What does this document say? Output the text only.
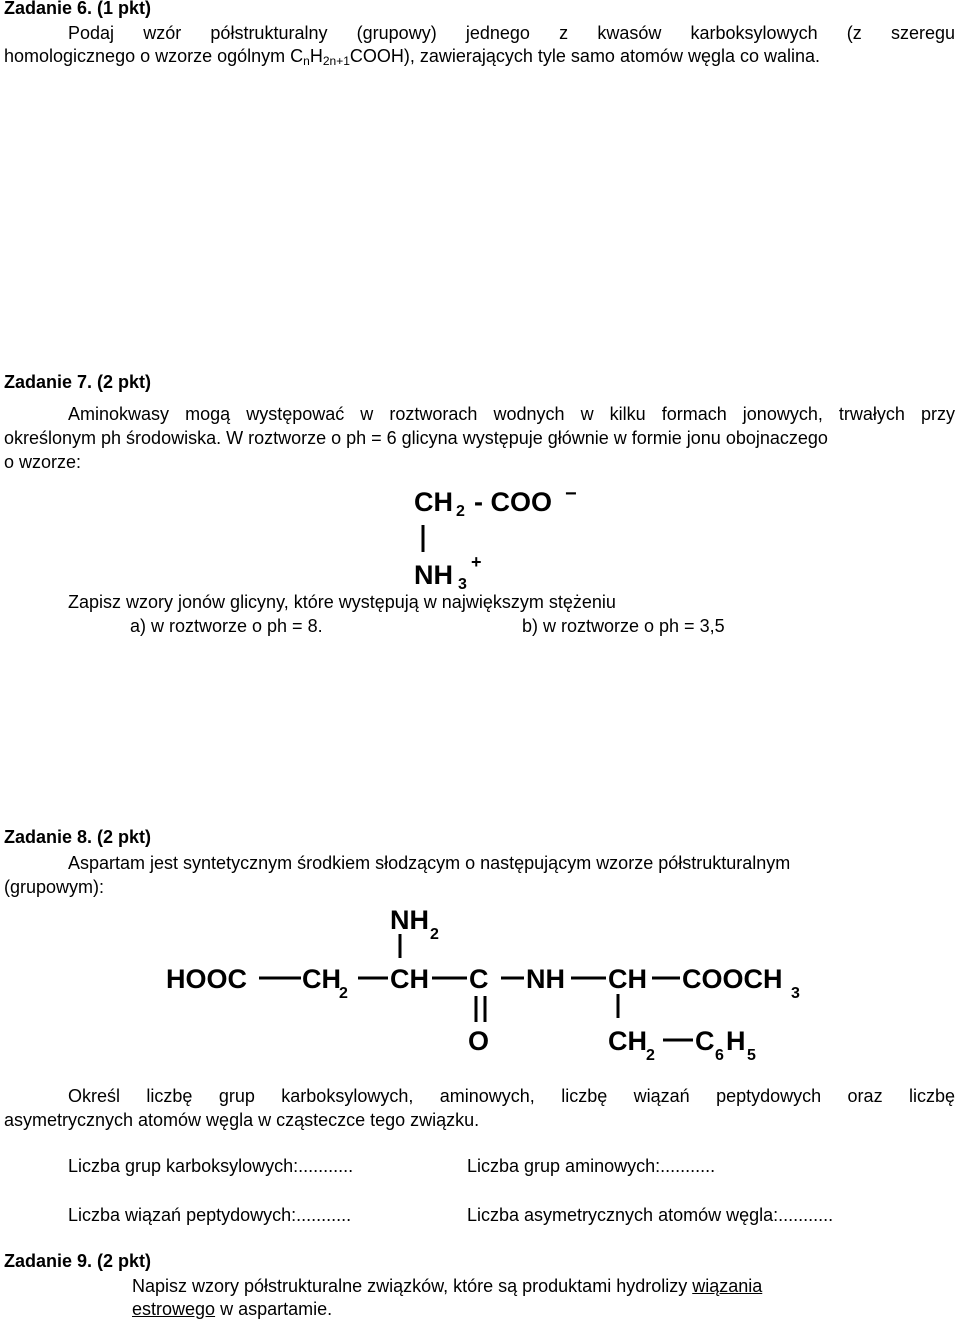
Zadanie 6. (1 pkt)
Podaj wzór półstrukturalny (grupowy) jednego z kwasów karboksylowych (z szeregu
homologicznego o wzorze ogólnym $C_nH_{2n+1}COOH$), zawierających tyle samo atomów węgla co walina.
Zadanie 7. (2 pkt)
Aminokwasy mogą występować w roztworach wodnych w kilku formach jonowych, trwałych przy
określonym ph środowiska. W roztworze o ph = 6 glicyna występuje głównie w formie jonu obojnaczego
o wzorze:
CH 2 - COO −
NH 3
+
Zapisz wzory jonów glicyny, które występują w największym stężeniu
a) w roztworze o ph = 8.	b) w roztworze o ph = 3,5
Zadanie 8. (2 pkt)
Aspartam jest syntetycznym środkiem słodzącym o następującym wzorze półstrukturalnym
(grupowym):
HOOC CH
2 CH
NH 2
C
O
NH CH COOCH 3
CH 2 C 6 H 5
Określ liczbę grup karboksylowych, aminowych, liczbę wiązań peptydowych oraz liczbę
asymetrycznych atomów węgla w cząsteczce tego związku.
Liczba grup karboksylowych:...........	Liczba grup aminowych:...........
Liczba wiązań peptydowych:...........	Liczba asymetrycznych atomów węgla:...........
Zadanie 9. (2 pkt)
Napisz wzory półstrukturalne związków, które są produktami hydrolizy wiązania
estrowego w aspartamie.
